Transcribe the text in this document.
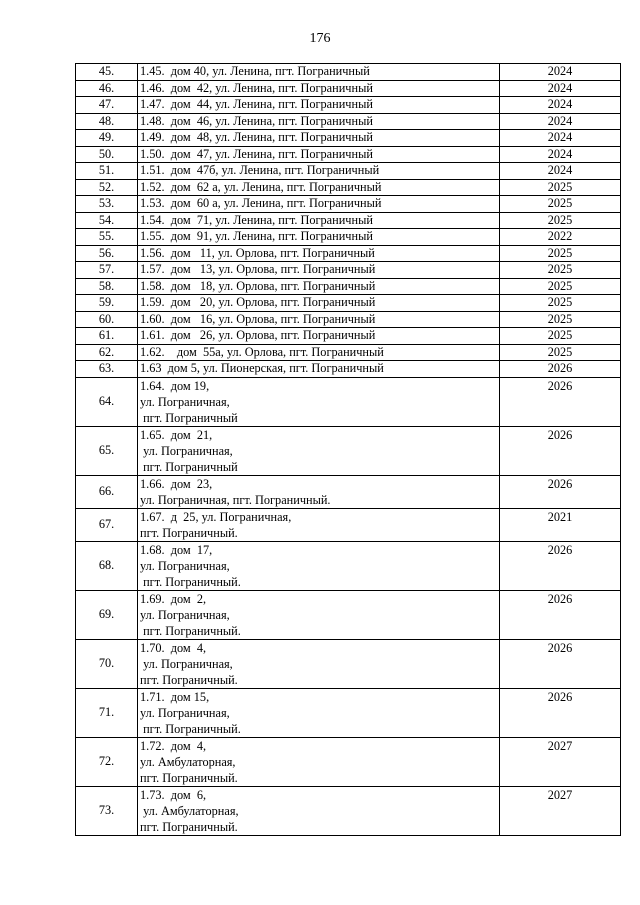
176
45.	1.45.  дом 40, ул. Ленина, пгт. Пограничный	2024
46.	1.46.  дом  42, ул. Ленина, пгт. Пограничный	2024
47.	1.47.  дом  44, ул. Ленина, пгт. Пограничный	2024
48.	1.48.  дом  46, ул. Ленина, пгт. Пограничный	2024
49.	1.49.  дом  48, ул. Ленина, пгт. Пограничный	2024
50.	1.50.  дом  47, ул. Ленина, пгт. Пограничный	2024
51.	1.51.  дом  47б, ул. Ленина, пгт. Пограничный	2024
52.	1.52.  дом  62 а, ул. Ленина, пгт. Пограничный	2025
53.	1.53.  дом  60 а, ул. Ленина, пгт. Пограничный	2025
54.	1.54.  дом  71, ул. Ленина, пгт. Пограничный	2025
55.	1.55.  дом  91, ул. Ленина, пгт. Пограничный	2022
56.	1.56.  дом   11, ул. Орлова, пгт. Пограничный	2025
57.	1.57.  дом   13, ул. Орлова, пгт. Пограничный	2025
58.	1.58.  дом   18, ул. Орлова, пгт. Пограничный	2025
59.	1.59.  дом   20, ул. Орлова, пгт. Пограничный	2025
60.	1.60.  дом   16, ул. Орлова, пгт. Пограничный	2025
61.	1.61.  дом   26, ул. Орлова, пгт. Пограничный	2025
62.	1.62.    дом  55а, ул. Орлова, пгт. Пограничный	2025
63.	1.63  дом 5, ул. Пионерская, пгт. Пограничный	2026
64.	1.64.  дом 19,
ул. Пограничная,
пгт. Пограничный	2026
65.	1.65.  дом  21,
ул. Пограничная,
пгт. Пограничный	2026
66.	1.66.  дом  23,
ул. Пограничная, пгт. Пограничный.	2026
67.	1.67.  д  25, ул. Пограничная,
пгт. Пограничный.	2021
68.	1.68.  дом  17,
ул. Пограничная,
пгт. Пограничный.	2026
69.	1.69.  дом  2,
ул. Пограничная,
пгт. Пограничный.	2026
70.	1.70.  дом  4,
ул. Пограничная,
пгт. Пограничный.	2026
71.	1.71.  дом 15,
ул. Пограничная,
пгт. Пограничный.	2026
72.	1.72.  дом  4,
ул. Амбулаторная,
пгт. Пограничный.	2027
73.	1.73.  дом  6,
ул. Амбулаторная,
пгт. Пограничный.	2027
